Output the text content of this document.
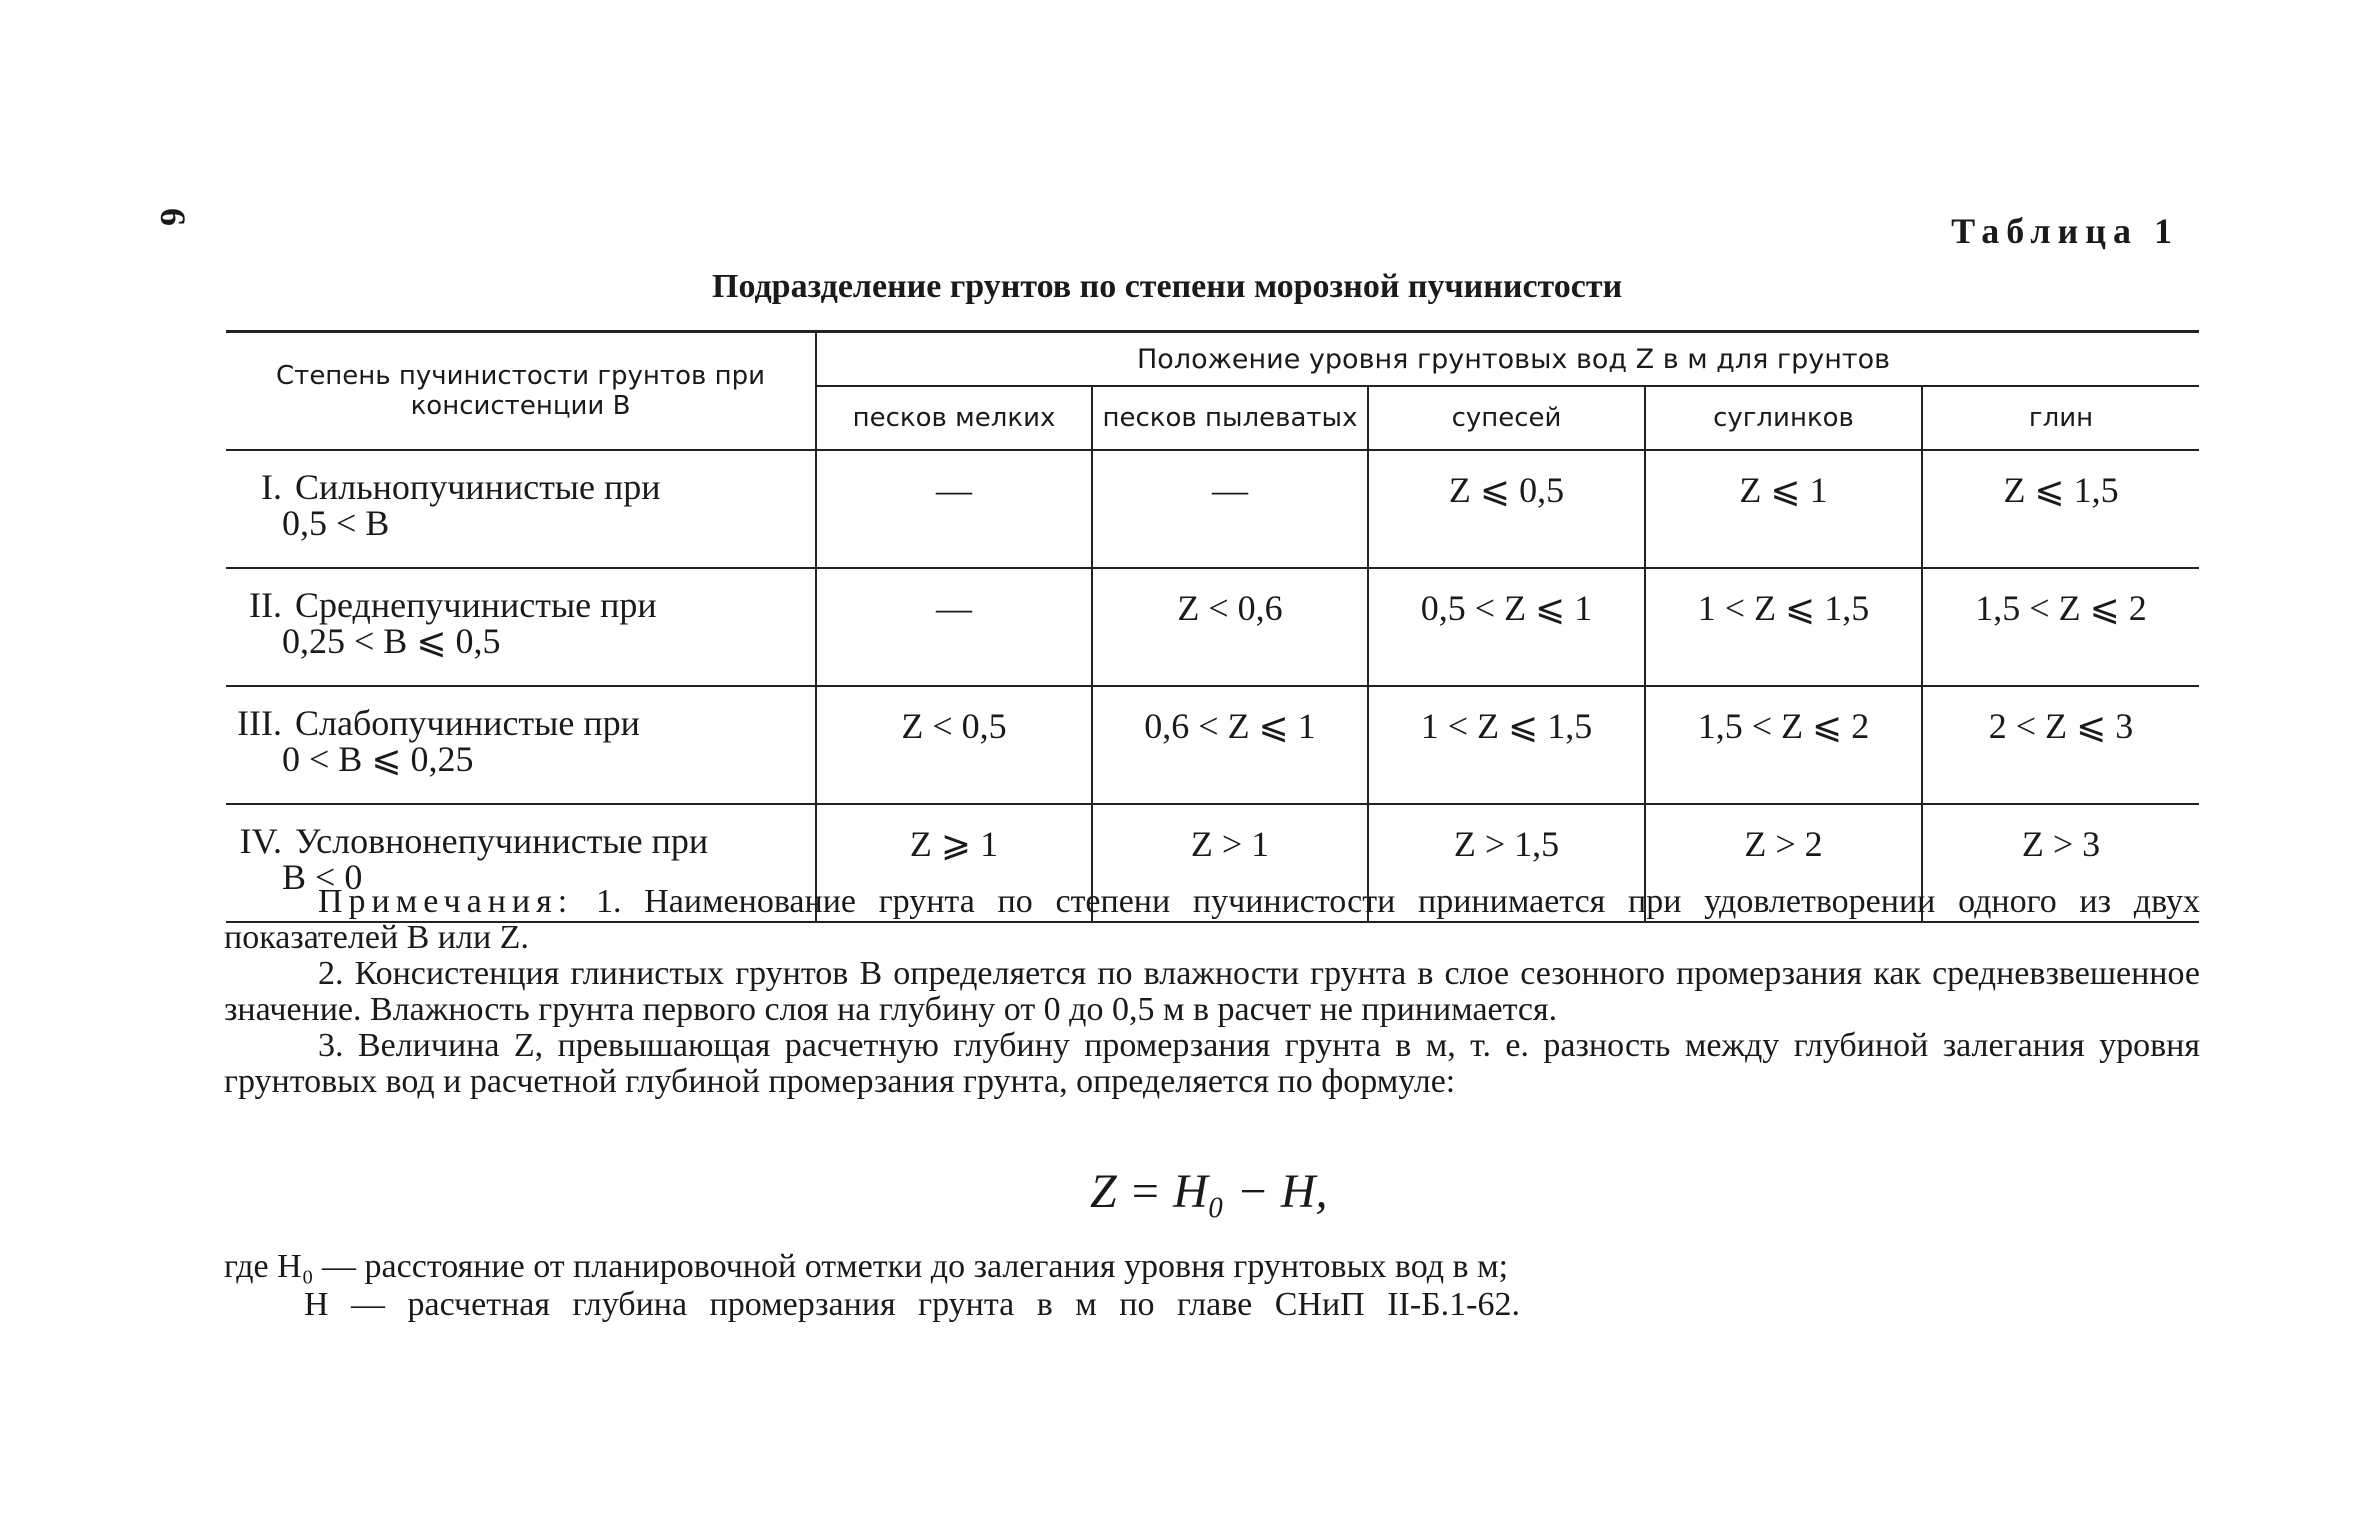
6	Таблица 1
Подразделение грунтов по степени морозной пучинистости
Степень пучинистости грунтов при консистенции В	Положение уровня грунтовых вод Z в м для грунтов				
	песков мелких	песков пылеватых	супесей	суглинков	глин

I. Сильнопучинистые при
0,5 < B	—	—	Z ⩽ 0,5	Z ⩽ 1	Z ⩽ 1,5

II. Среднепучинистые при
0,25 < B ⩽ 0,5	—	Z < 0,6	0,5 < Z ⩽ 1	1 < Z ⩽ 1,5	1,5 < Z ⩽ 2

III. Слабопучинистые при
0 < B ⩽ 0,25	Z < 0,5	0,6 < Z ⩽ 1	1 < Z ⩽ 1,5	1,5 < Z ⩽ 2	2 < Z ⩽ 3

IV. Условнонепучинистые при
B < 0	Z ⩾ 1	Z > 1	Z > 1,5	Z > 2	Z > 3

Примечания: 1. Наименование грунта по степени пучинистости принимается при удовлетворении одного из двух показателей B или Z.

2. Консистенция глинистых грунтов B определяется по влажности грунта в слое сезонного промерзания как средневзвешенное значение. Влажность грунта первого слоя на глубину от 0 до 0,5 м в расчет не принимается.

3. Величина Z, превышающая расчетную глубину промерзания грунта в м, т. е. разность между глубиной залегания уровня грунтовых вод и расчетной глубиной промерзания грунта, определяется по формуле:

Z = H₀ − H,

где H₀ — расстояние от планировочной отметки до залегания уровня грунтовых вод в м;

H — расчетная глубина промерзания грунта в м по главе СНиП II-Б.1-62.
